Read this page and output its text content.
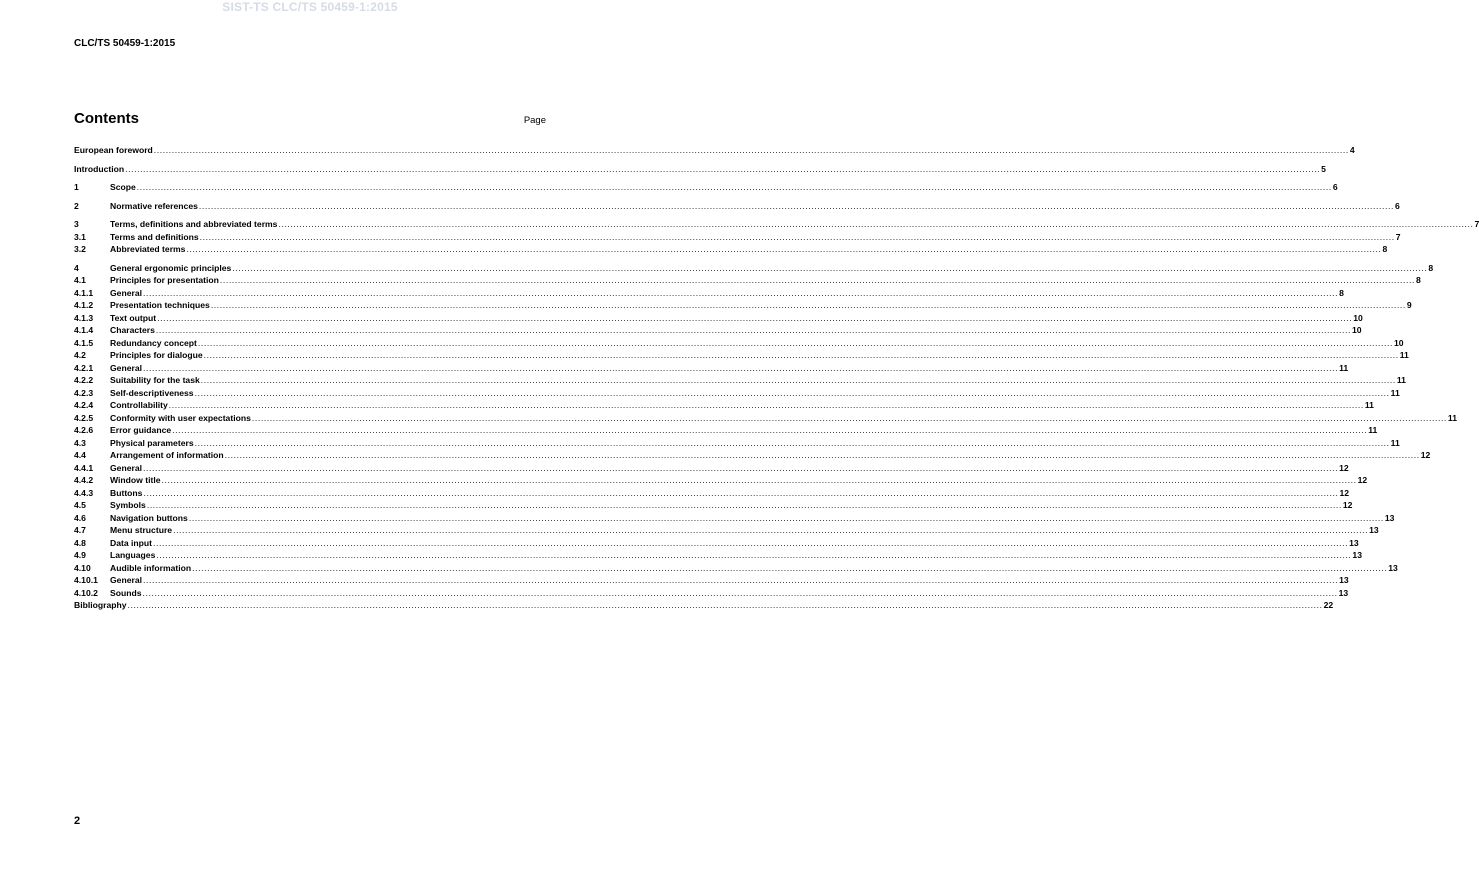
SIST-TS CLC/TS 50459-1:2015
CLC/TS 50459-1:2015
Contents	Page
European foreword ................................................................................................................................................................................................................................................................................................................................................................................................................ 4
Introduction ................................................................................................................................................................................................................................................................................................................................................................................................................ 5
1	Scope ................................................................................................................................................................................................................................................................................................................................................................................................................ 6
2	Normative references ................................................................................................................................................................................................................................................................................................................................................................................................................ 6
3	Terms, definitions and abbreviated terms ................................................................................................................................................................................................................................................................................................................................................................................................................ 7
3.1	Terms and definitions ................................................................................................................................................................................................................................................................................................................................................................................................................ 7
3.2	Abbreviated terms ................................................................................................................................................................................................................................................................................................................................................................................................................ 8
4	General ergonomic principles ................................................................................................................................................................................................................................................................................................................................................................................................................ 8
4.1	Principles for presentation ................................................................................................................................................................................................................................................................................................................................................................................................................ 8
4.1.1	General ................................................................................................................................................................................................................................................................................................................................................................................................................ 8
4.1.2	Presentation techniques ................................................................................................................................................................................................................................................................................................................................................................................................................ 9
4.1.3	Text output ................................................................................................................................................................................................................................................................................................................................................................................................................ 10
4.1.4	Characters ................................................................................................................................................................................................................................................................................................................................................................................................................ 10
4.1.5	Redundancy concept ................................................................................................................................................................................................................................................................................................................................................................................................................ 10
4.2	Principles for dialogue ................................................................................................................................................................................................................................................................................................................................................................................................................ 11
4.2.1	General ................................................................................................................................................................................................................................................................................................................................................................................................................ 11
4.2.2	Suitability for the task ................................................................................................................................................................................................................................................................................................................................................................................................................ 11
4.2.3	Self-descriptiveness ................................................................................................................................................................................................................................................................................................................................................................................................................ 11
4.2.4	Controllability ................................................................................................................................................................................................................................................................................................................................................................................................................ 11
4.2.5	Conformity with user expectations ................................................................................................................................................................................................................................................................................................................................................................................................................ 11
4.2.6	Error guidance ................................................................................................................................................................................................................................................................................................................................................................................................................ 11
4.3	Physical parameters ................................................................................................................................................................................................................................................................................................................................................................................................................ 11
4.4	Arrangement of information ................................................................................................................................................................................................................................................................................................................................................................................................................ 12
4.4.1	General ................................................................................................................................................................................................................................................................................................................................................................................................................ 12
4.4.2	Window title ................................................................................................................................................................................................................................................................................................................................................................................................................ 12
4.4.3	Buttons ................................................................................................................................................................................................................................................................................................................................................................................................................ 12
4.5	Symbols ................................................................................................................................................................................................................................................................................................................................................................................................................ 12
4.6	Navigation buttons ................................................................................................................................................................................................................................................................................................................................................................................................................ 13
4.7	Menu structure ................................................................................................................................................................................................................................................................................................................................................................................................................ 13
4.8	Data input ................................................................................................................................................................................................................................................................................................................................................................................................................ 13
4.9	Languages ................................................................................................................................................................................................................................................................................................................................................................................................................ 13
4.10	Audible information ................................................................................................................................................................................................................................................................................................................................................................................................................ 13
4.10.1	General ................................................................................................................................................................................................................................................................................................................................................................................................................ 13
4.10.2	Sounds ................................................................................................................................................................................................................................................................................................................................................................................................................ 13
Bibliography ................................................................................................................................................................................................................................................................................................................................................................................................................ 22
2
